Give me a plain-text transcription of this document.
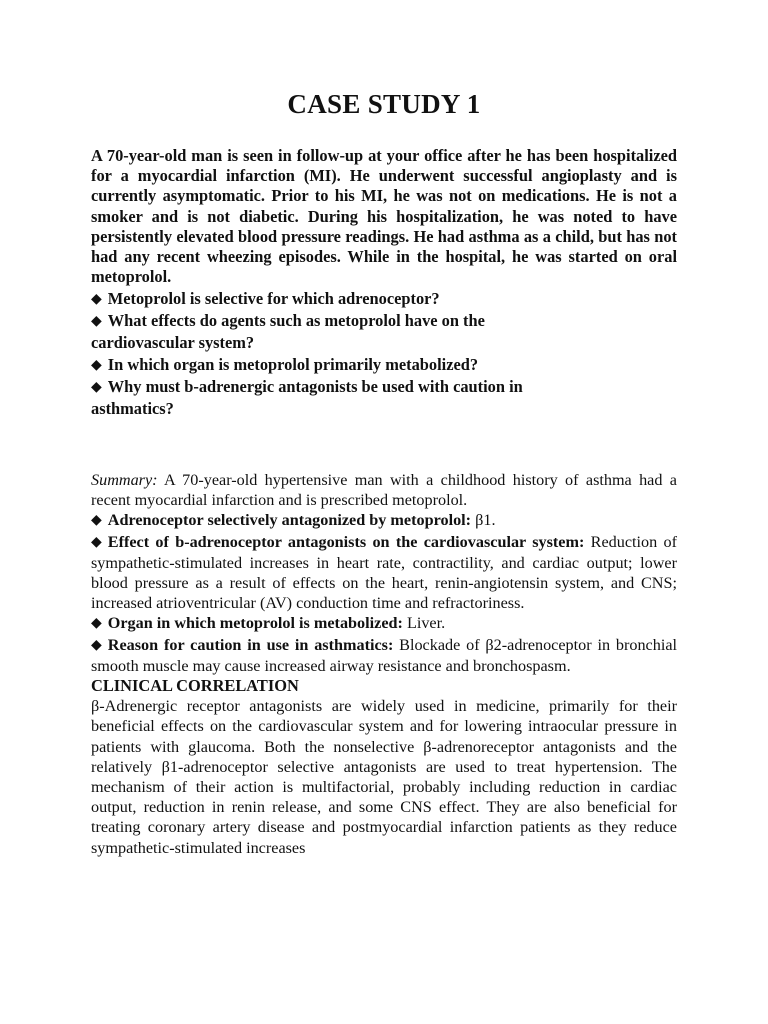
CASE STUDY 1

A 70-year-old man is seen in follow-up at your office after he has been hospitalized for a myocardial infarction (MI). He underwent successful angioplasty and is currently asymptomatic. Prior to his MI, he was not on medications. He is not a smoker and is not diabetic. During his hospitalization, he was noted to have persistently elevated blood pressure readings. He had asthma as a child, but has not had any recent wheezing episodes. While in the hospital, he was started on oral metoprolol.

◆ Metoprolol is selective for which adrenoceptor?

◆ What effects do agents such as metoprolol have on the cardiovascular system?

◆ In which organ is metoprolol primarily metabolized?

◆ Why must b-adrenergic antagonists be used with caution in asthmatics?

Summary: A 70-year-old hypertensive man with a childhood history of asthma had a recent myocardial infarction and is prescribed metoprolol.

◆ Adrenoceptor selectively antagonized by metoprolol: β1.

◆ Effect of b-adrenoceptor antagonists on the cardiovascular system: Reduction of sympathetic-stimulated increases in heart rate, contractility, and cardiac output; lower blood pressure as a result of effects on the heart, renin-angiotensin system, and CNS; increased atrioventricular (AV) conduction time and refractoriness.

◆ Organ in which metoprolol is metabolized: Liver.

◆ Reason for caution in use in asthmatics: Blockade of β2-adrenoceptor in bronchial smooth muscle may cause increased airway resistance and bronchospasm.

CLINICAL CORRELATION

β-Adrenergic receptor antagonists are widely used in medicine, primarily for their beneficial effects on the cardiovascular system and for lowering intraocular pressure in patients with glaucoma. Both the nonselective β-adrenoreceptor antagonists and the relatively β1-adrenoceptor selective antagonists are used to treat hypertension. The mechanism of their action is multifactorial, probably including reduction in cardiac output, reduction in renin release, and some CNS effect. They are also beneficial for treating coronary artery disease and postmyocardial infarction patients as they reduce sympathetic-stimulated increases
